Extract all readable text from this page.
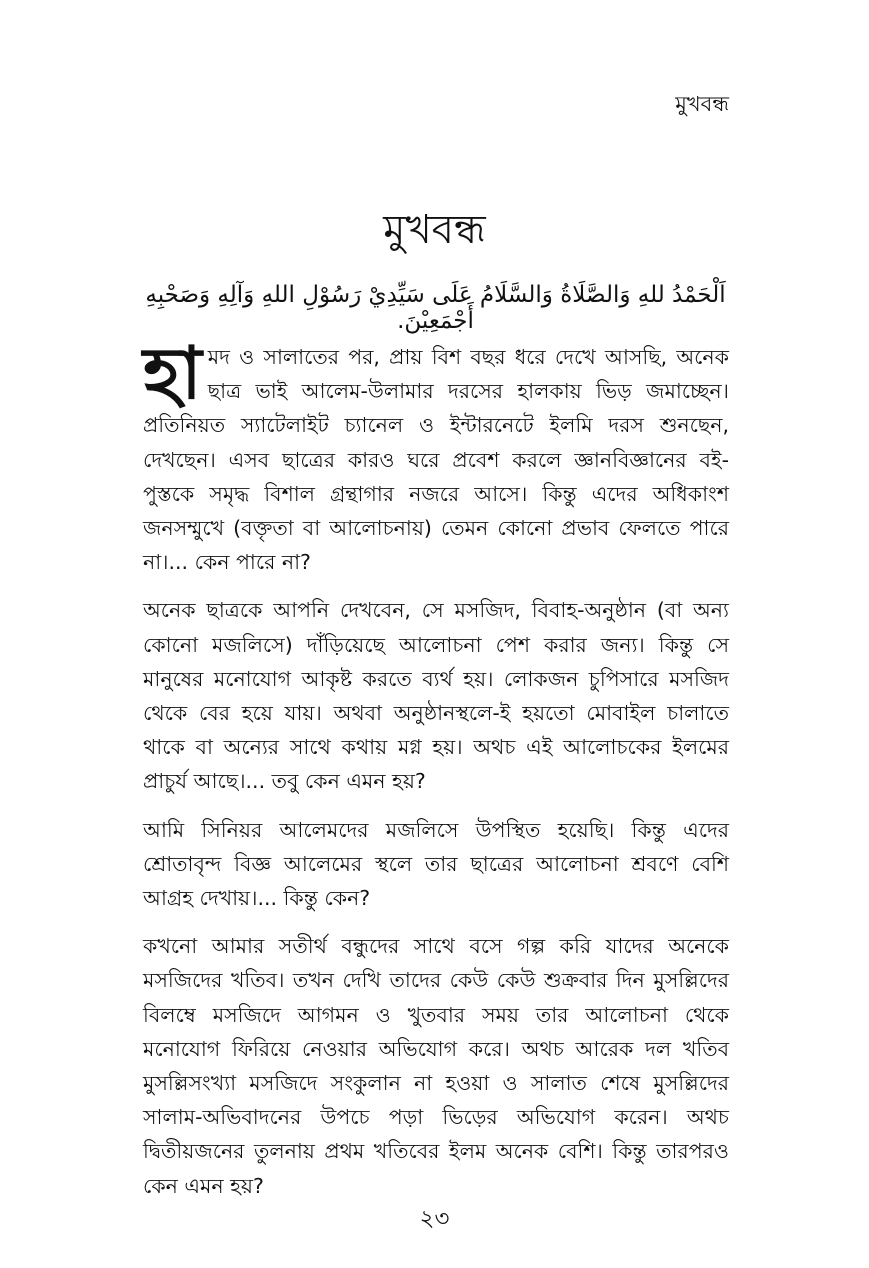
মুখবন্ধ
মুখবন্ধ
اَلْحَمْدُ للهِ وَالصَّلَاةُ وَالسَّلَامُ عَلَى سَيِّدِيْ رَسُوْلِ اللهِ وَآلِهِ وَصَحْبِهِ أَجْمَعِيْنَ.

হামদ ও সালাতের পর, প্রায় বিশ বছর ধরে দেখে আসছি, অনেক ছাত্র ভাই আলেম-উলামার দরসের হালকায় ভিড় জমাচ্ছেন। প্রতিনিয়ত স্যাটেলাইট চ্যানেল ও ইন্টারনেটে ইলমি দরস শুনছেন, দেখছেন। এসব ছাত্রের কারও ঘরে প্রবেশ করলে জ্ঞানবিজ্ঞানের বই-পুস্তকে সমৃদ্ধ বিশাল গ্রন্থাগার নজরে আসে। কিন্তু এদের অধিকাংশ জনসম্মুখে (বক্তৃতা বা আলোচনায়) তেমন কোনো প্রভাব ফেলতে পারে না।... কেন পারে না?

অনেক ছাত্রকে আপনি দেখবেন, সে মসজিদ, বিবাহ-অনুষ্ঠান (বা অন্য কোনো মজলিসে) দাঁড়িয়েছে আলোচনা পেশ করার জন্য। কিন্তু সে মানুষের মনোযোগ আকৃষ্ট করতে ব্যর্থ হয়। লোকজন চুপিসারে মসজিদ থেকে বের হয়ে যায়। অথবা অনুষ্ঠানস্থলে-ই হয়তো মোবাইল চালাতে থাকে বা অন্যের সাথে কথায় মগ্ন হয়। অথচ এই আলোচকের ইলমের প্রাচুর্য আছে।... তবু কেন এমন হয়?

আমি সিনিয়র আলেমদের মজলিসে উপস্থিত হয়েছি। কিন্তু এদের শ্রোতাবৃন্দ বিজ্ঞ আলেমের স্থলে তার ছাত্রের আলোচনা শ্রবণে বেশি আগ্রহ দেখায়।... কিন্তু কেন?

কখনো আমার সতীর্থ বন্ধুদের সাথে বসে গল্প করি যাদের অনেকে মসজিদের খতিব। তখন দেখি তাদের কেউ কেউ শুক্রবার দিন মুসল্লিদের বিলম্বে মসজিদে আগমন ও খুতবার সময় তার আলোচনা থেকে মনোযোগ ফিরিয়ে নেওয়ার অভিযোগ করে। অথচ আরেক দল খতিব মুসল্লিসংখ্যা মসজিদে সংকুলান না হওয়া ও সালাত শেষে মুসল্লিদের সালাম-অভিবাদনের উপচে পড়া ভিড়ের অভিযোগ করেন। অথচ দ্বিতীয়জনের তুলনায় প্রথম খতিবের ইলম অনেক বেশি। কিন্তু তারপরও কেন এমন হয়?

২৩
